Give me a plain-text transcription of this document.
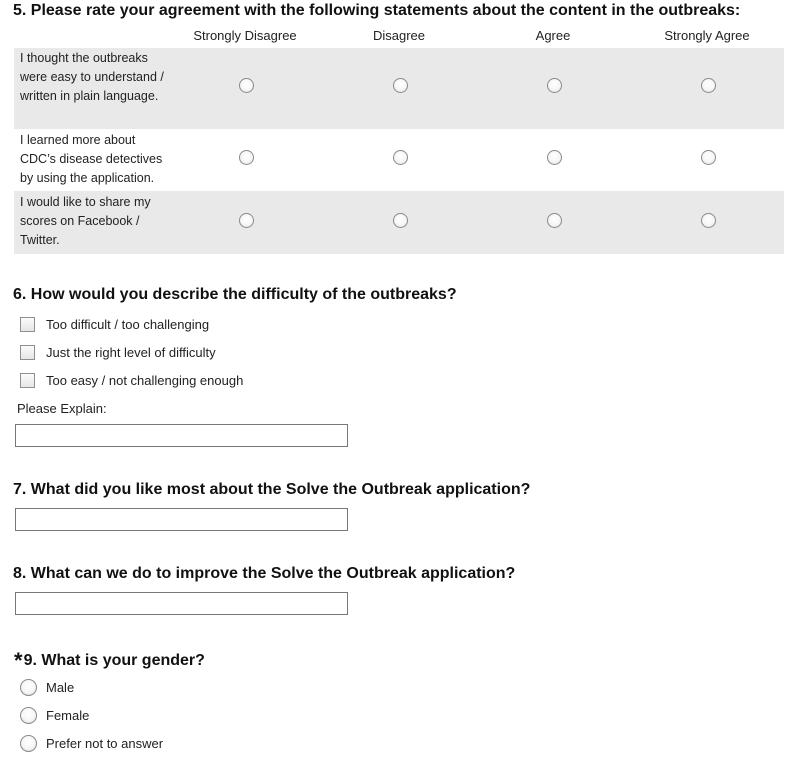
5. Please rate your agreement with the following statements about the content in the outbreaks:
Strongly Disagree	Disagree	Agree	Strongly Agree
I thought the outbreaks were easy to understand / written in plain language.
I learned more about CDC’s disease detectives by using the application.
I would like to share my scores on Facebook / Twitter.
6. How would you describe the difficulty of the outbreaks?
Too difficult / too challenging
Just the right level of difficulty
Too easy / not challenging enough
Please Explain:
7. What did you like most about the Solve the Outbreak application?
8. What can we do to improve the Solve the Outbreak application?
*9. What is your gender?
Male
Female
Prefer not to answer
